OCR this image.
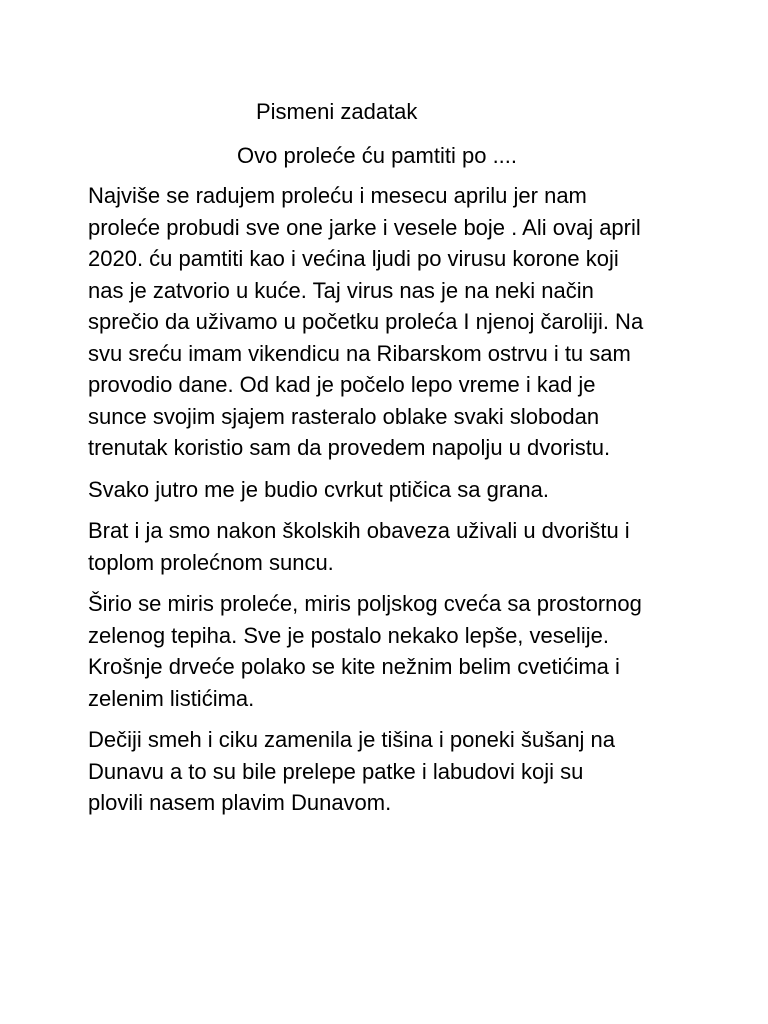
Pismeni zadatak
Ovo proleće ću pamtiti po ....

Najviše se radujem proleću i mesecu aprilu jer nam
proleće probudi sve one jarke i vesele boje . Ali ovaj april
2020. ću pamtiti kao i većina ljudi po virusu korone koji
nas je zatvorio u kuće. Taj virus nas je na neki način
sprečio da uživamo u početku proleća I njenoj čaroliji. Na
svu sreću imam vikendicu na Ribarskom ostrvu i tu sam
provodio dane. Od kad je počelo lepo vreme i kad je
sunce svojim sjajem rasteralo oblake svaki slobodan
trenutak koristio sam da provedem napolju u dvoristu.

Svako jutro me je budio cvrkut ptičica sa grana.

Brat i ja smo nakon školskih obaveza uživali u dvorištu i
toplom prolećnom suncu.

Širio se miris proleće, miris poljskog cveća sa prostornog
zelenog tepiha. Sve je postalo nekako lepše, veselije.
Krošnje drveće polako se kite nežnim belim cvetićima i
zelenim listićima.

Dečiji smeh i ciku zamenila je tišina i poneki šušanj na
Dunavu a to su bile prelepe patke i labudovi koji su
plovili nasem plavim Dunavom.
